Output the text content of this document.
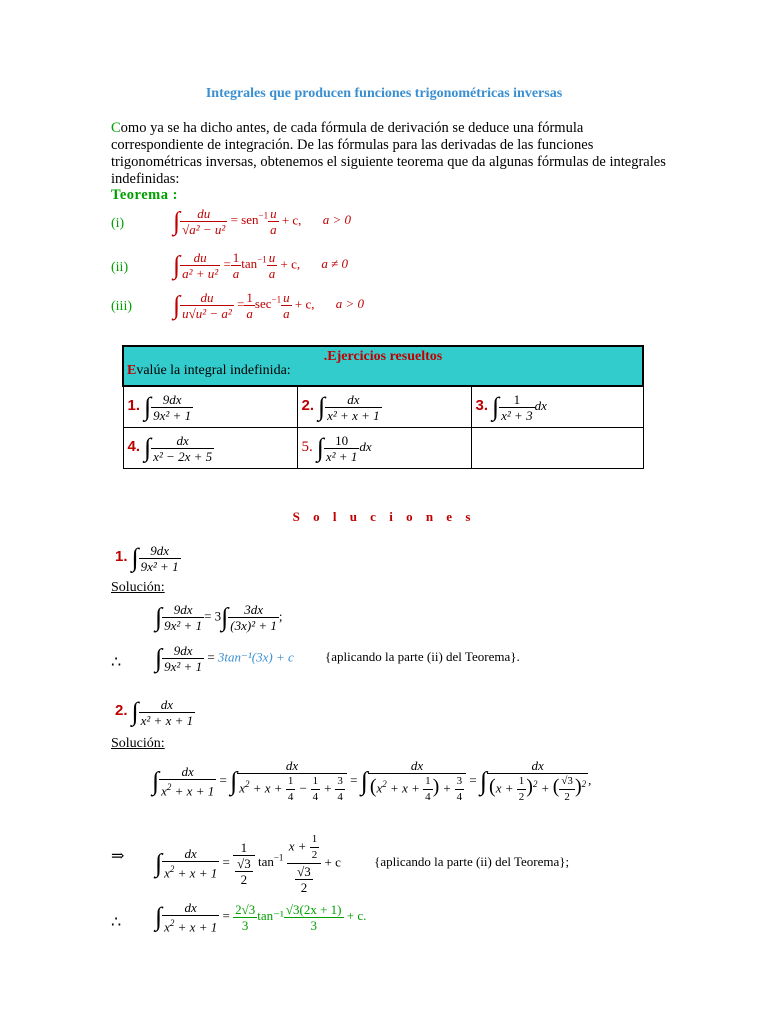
Integrales que producen funciones trigonométricas inversas
Como ya se ha dicho antes, de cada fórmula de derivación se deduce una fórmula correspondiente de integración. De las fórmulas para las derivadas de las funciones trigonométricas inversas, obtenemos el siguiente teorema que da algunas fórmulas de integrales indefinidas:
Teorema :
(i) ∫ $\frac{du}{\text{√a² − u²}} = sen^{-1} \frac{u}{a} + c$, a > 0
(ii) ∫ $\frac{du}{\text{a² + u²}} = \frac{1}{a} \tan^{-1} \frac{u}{a} + c$, a ≠ 0
(iii) ∫ $\frac{du}{\text{u√u² − a²}} = \frac{1}{a} \sec^{-1} \frac{u}{a} + c$, a > 0
.Ejercicios resueltos
Evalúe la integral indefinida:		

1. ∫ $\frac{9dx}{\text{9x² + 1}}$	2. ∫ $\frac{dx}{\text{x² + x + 1}}$	3. ∫ $\frac{1}{\text{x² + 3}}$ dx
4. ∫ $\frac{dx}{\text{x² − 2x + 5}}$	5. ∫ $\frac{10}{\text{x² + 1}}$ dx	
S o l u c i o n e s
1. ∫ $\frac{9dx}{\text{9x² + 1}}$
Solución:
∫ $\frac{9dx}{\text{9x² + 1}} = 3\int \frac{3dx}{\text{(3x)² + 1}}$ ;
∴ ∫ $\frac{9dx}{\text{9x² + 1}} = 3\tan^{-1}(3x) + c$ {aplicando la parte (ii) del Teorema}.
2. ∫ $\frac{dx}{\text{x² + x + 1}}$
Solución:
∫ $\frac{dx}{x^2 + x + 1}$ = ∫ $\frac{dx}{x^2 + x + \frac{1}{4} - \frac{1}{4} + \frac{3}{4}}$ = ∫ $\frac{dx}{(x^2 + x + \frac{1}{4} ) + \frac{3}{4}}$ = ∫ $\frac{dx}{(x + \frac{1}{2} )^2 + ( \frac{√3}{2} )^2}$ ,
⇒ ∫ $\frac{dx}{x^2 + x + 1} = \frac{1}{\frac{√3}{2}} \tan^{-1} \frac{x + \frac{1}{2}}{\frac{√3}{2}} + c$	{aplicando la parte (ii) del Teorema};
∴ ∫ $\frac{dx}{x^2 + x + 1} = \frac{2√3}{3} \tan^{-1} \frac{√3(2x + 1)}{3} + c$.
